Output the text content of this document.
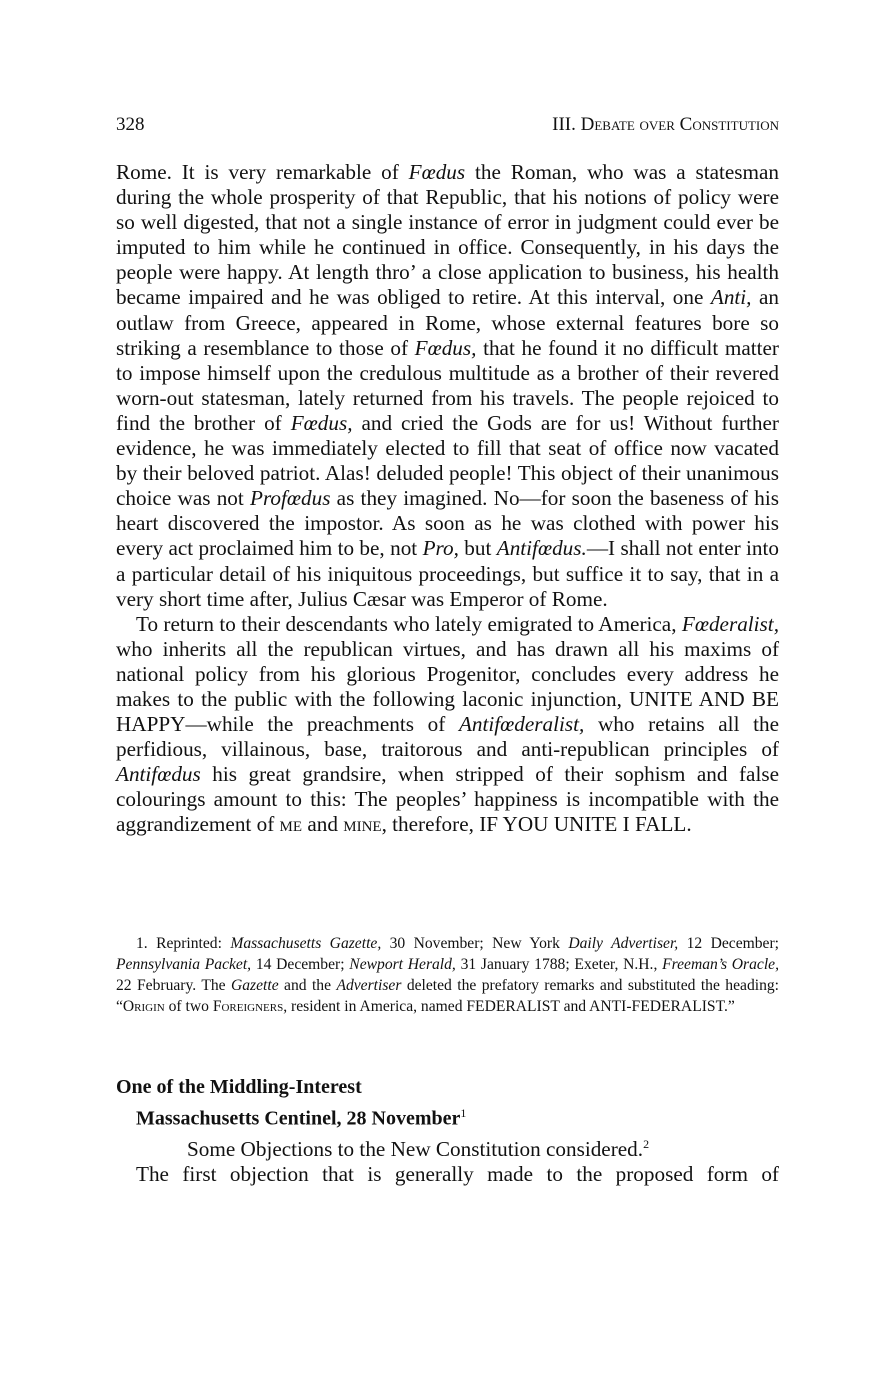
328	III. Debate over Constitution

Rome. It is very remarkable of Fœdus the Roman, who was a statesman during the whole prosperity of that Republic, that his notions of policy were so well digested, that not a single instance of error in judgment could ever be imputed to him while he continued in office. Consequently, in his days the people were happy. At length thro’ a close application to business, his health became impaired and he was obliged to retire. At this interval, one Anti, an outlaw from Greece, appeared in Rome, whose external features bore so striking a resemblance to those of Fœdus, that he found it no difficult matter to impose himself upon the credulous multitude as a brother of their revered worn-out statesman, lately returned from his travels. The people rejoiced to find the brother of Fœdus, and cried the Gods are for us! Without further evidence, he was immediately elected to fill that seat of office now vacated by their beloved patriot. Alas! deluded people! This object of their unanimous choice was not Profœdus as they imagined. No—for soon the baseness of his heart discovered the impostor. As soon as he was clothed with power his every act proclaimed him to be, not Pro, but Antifœdus.—I shall not enter into a particular detail of his iniquitous proceedings, but suffice it to say, that in a very short time after, Julius Cæsar was Emperor of Rome.

To return to their descendants who lately emigrated to America, Fœderalist, who inherits all the republican virtues, and has drawn all his maxims of national policy from his glorious Progenitor, concludes every address he makes to the public with the following laconic injunction, UNITE AND BE HAPPY—while the preachments of Antifœderalist, who retains all the perfidious, villainous, base, traitorous and anti-republican principles of Antifœdus his great grandsire, when stripped of their sophism and false colourings amount to this: The peoples’ happiness is incompatible with the aggrandizement of me and mine, therefore, IF YOU UNITE I FALL.

1. Reprinted: Massachusetts Gazette, 30 November; New York Daily Advertiser, 12 December; Pennsylvania Packet, 14 December; Newport Herald, 31 January 1788; Exeter, N.H., Freeman’s Oracle, 22 February. The Gazette and the Advertiser deleted the prefatory remarks and substituted the heading: “Origin of two Foreigners, resident in America, named FEDERALIST and ANTI-FEDERALIST.”

One of the Middling-Interest
Massachusetts Centinel, 28 November$^1$
Some Objections to the New Constitution considered.$^2$
The first objection that is generally made to the proposed form of
